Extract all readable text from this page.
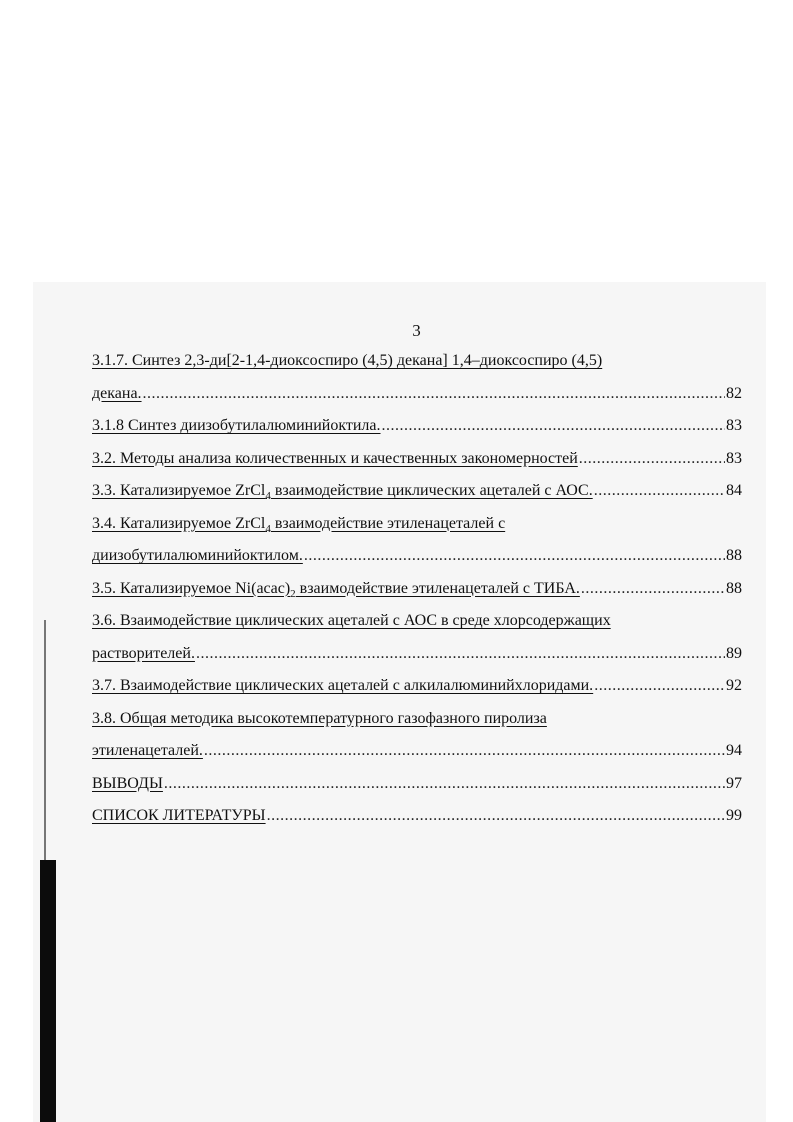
3
3.1.7. Синтез 2,3-ди[2-1,4-диоксоспиро (4,5) декана] 1,4–диоксоспиро (4,5)
декана. .....	82
3.1.8 Синтез диизобутилалюминийоктила. .....	83
3.2. Методы анализа количественных и качественных закономерностей .....	83
3.3. Катализируемое ZrCl$_4$ взаимодействие циклических ацеталей с АОС. .....	84
3.4. Катализируемое ZrCl$_4$ взаимодействие этиленацеталей с
диизобутилалюминийоктилом. .....	88
3.5. Катализируемое $Ni(acac)_2$ взаимодействие этиленацеталей с ТИБА. .....	88
3.6. Взаимодействие циклических ацеталей с АОС в среде хлорсодержащих
растворителей. .....	89
3.7. Взаимодействие циклических ацеталей с алкилалюминийхлоридами. .....	92
3.8. Общая методика высокотемпературного газофазного пиролиза
этиленацеталей. .....	94
ВЫВОДЫ .....	97
СПИСОК ЛИТЕРАТУРЫ .....	99
